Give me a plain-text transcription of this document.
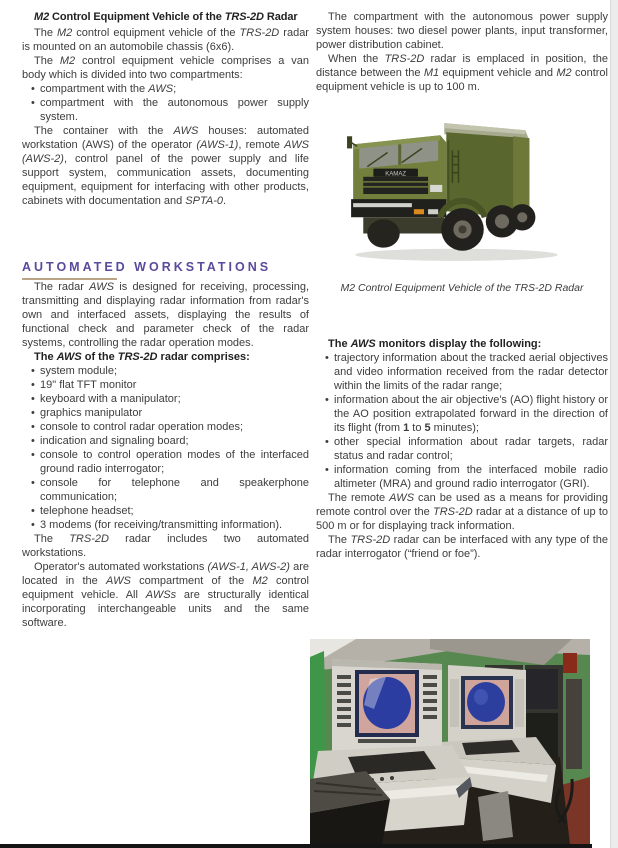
M2 Control Equipment Vehicle of the TRS-2D Radar

The M2 control equipment vehicle of the TRS-2D radar is mounted on an automobile chassis (6x6).

The M2 control equipment vehicle comprises a van body which is divided into two compartments:

• compartment with the AWS;
• compartment with the autonomous power supply system.

The container with the AWS houses: automated workstation (AWS) of the operator (AWS-1), remote AWS (AWS-2), control panel of the power supply and life support system, communication assets, documenting equipment, equipment for interfacing with other products, cabinets with documentation and SPTA-0.

AUTOMATED WORKSTATIONS

The radar AWS is designed for receiving, processing, transmitting and displaying radar information from radar's own and interfaced assets, displaying the results of functional check and parameter check of the radar systems, controlling the radar operation modes.

The AWS of the TRS-2D radar comprises:

• system module;
• 19" flat TFT monitor
• keyboard with a manipulator;
• graphics manipulator
• console to control radar operation modes;
• indication and signaling board;
• console to control operation modes of the interfaced ground radio interrogator;
• console for telephone and speakerphone communication;
• telephone headset;
• 3 modems (for receiving/transmitting information).

The TRS-2D radar includes two automated workstations.

Operator's automated workstations (AWS-1, AWS-2) are located in the AWS compartment of the M2 control equipment vehicle. All AWSs are structurally identical incorporating interchangeable units and the same software.

The compartment with the autonomous power supply system houses: two diesel power plants, input transformer, power distribution cabinet.

When the TRS-2D radar is emplaced in position, the distance between the M1 equipment vehicle and M2 control equipment vehicle is up to 100 m.

KAMAZ
M2 Control Equipment Vehicle of the TRS-2D Radar

The AWS monitors display the following:

• trajectory information about the tracked aerial objectives and video information received from the radar detector within the limits of the radar range;
• information about the air objective's (AO) flight history or the AO position extrapolated forward in the direction of its flight (from 1 to 5 minutes);
• other special information about radar targets, radar status and radar control;
• information coming from the interfaced mobile radio altimeter (MRA) and ground radio interrogator (GRI).

The remote AWS can be used as a means for providing remote control over the TRS-2D radar at a distance of up to 500 m or for displaying track information.

The TRS-2D radar can be interfaced with any type of the radar interrogator (“friend or foe”).
